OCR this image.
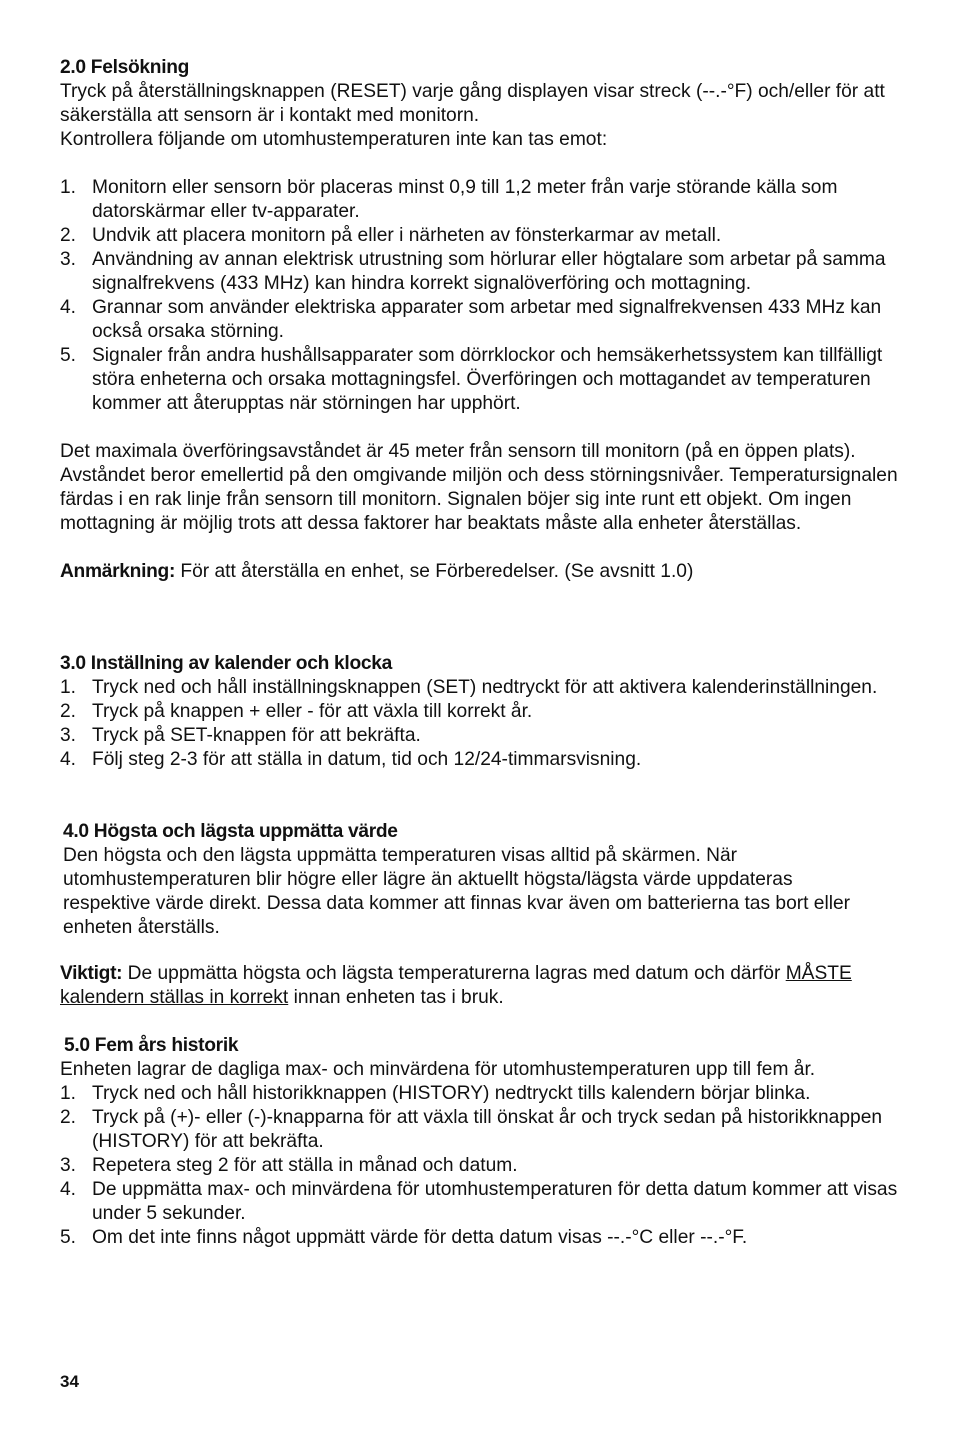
2.0 Felsökning

Tryck på återställningsknappen (RESET) varje gång displayen visar streck (--.-°F) och/eller för att säkerställa att sensorn är i kontakt med monitorn.

Kontrollera följande om utomhustemperaturen inte kan tas emot:

1. Monitorn eller sensorn bör placeras minst 0,9 till 1,2 meter från varje störande källa som datorskärmar eller tv-apparater.
2. Undvik att placera monitorn på eller i närheten av fönsterkarmar av metall.
3. Användning av annan elektrisk utrustning som hörlurar eller högtalare som arbetar på samma signalfrekvens (433 MHz) kan hindra korrekt signalöverföring och mottagning.
4. Grannar som använder elektriska apparater som arbetar med signalfrekvensen 433 MHz kan också orsaka störning.
5. Signaler från andra hushållsapparater som dörrklockor och hemsäkerhetssystem kan tillfälligt störa enheterna och orsaka mottagningsfel. Överföringen och mottagandet av temperaturen kommer att återupptas när störningen har upphört.

Det maximala överföringsavståndet är 45 meter från sensorn till monitorn (på en öppen plats). Avståndet beror emellertid på den omgivande miljön och dess störningsnivåer. Temperatursignalen färdas i en rak linje från sensorn till monitorn. Signalen böjer sig inte runt ett objekt. Om ingen mottagning är möjlig trots att dessa faktorer har beaktats måste alla enheter återställas.

Anmärkning: För att återställa en enhet, se Förberedelser. (Se avsnitt 1.0)

3.0 Inställning av kalender och klocka
1. Tryck ned och håll inställningsknappen (SET) nedtryckt för att aktivera kalenderinställningen.
2. Tryck på knappen + eller - för att växla till korrekt år.
3. Tryck på SET-knappen för att bekräfta.
4. Följ steg 2-3 för att ställa in datum, tid och 12/24-timmarsvisning.
4.0 Högsta och lägsta uppmätta värde

Den högsta och den lägsta uppmätta temperaturen visas alltid på skärmen. När utomhustemperaturen blir högre eller lägre än aktuellt högsta/lägsta värde uppdateras respektive värde direkt. Dessa data kommer att finnas kvar även om batterierna tas bort eller enheten återställs.

Viktigt: De uppmätta högsta och lägsta temperaturerna lagras med datum och därför MÅSTE kalendern ställas in korrekt innan enheten tas i bruk.

5.0 Fem års historik

Enheten lagrar de dagliga max- och minvärdena för utomhustemperaturen upp till fem år.

1. Tryck ned och håll historikknappen (HISTORY) nedtryckt tills kalendern börjar blinka.
2. Tryck på (+)- eller (-)-knapparna för att växla till önskat år och tryck sedan på historikknappen (HISTORY) för att bekräfta.
3. Repetera steg 2 för att ställa in månad och datum.
4. De uppmätta max- och minvärdena för utomhustemperaturen för detta datum kommer att visas under 5 sekunder.
5. Om det inte finns något uppmätt värde för detta datum visas --.-°C eller --.-°F.
34
